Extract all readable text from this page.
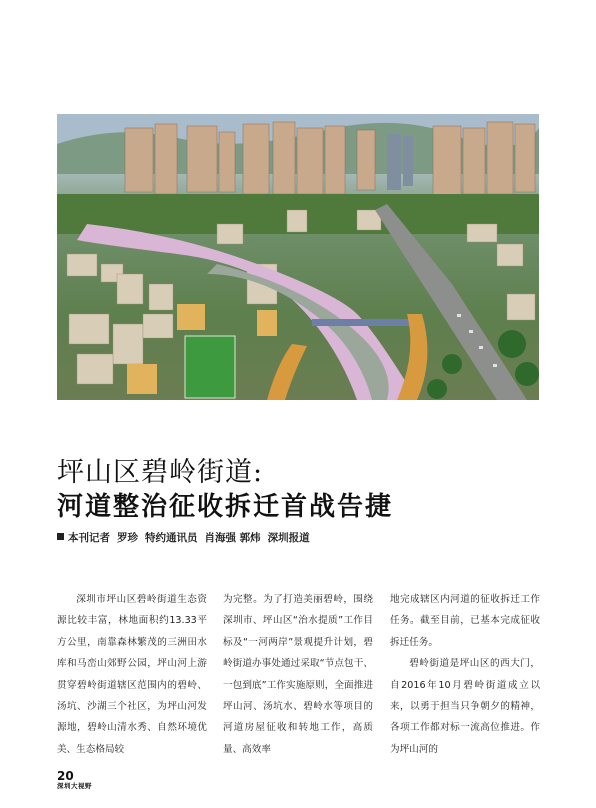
坪山区碧岭街道:
河道整治征收拆迁首战告捷
本刊记者 罗珍 特约通讯员 肖海强 郭炜 深圳报道

深圳市坪山区碧岭街道生态资源比较丰富，林地面积约13.33平方公里，南靠森林繁茂的三洲田水库和马峦山郊野公园，坪山河上游贯穿碧岭街道辖区范围内的碧岭、汤坑、沙湖三个社区，为坪山河发源地，碧岭山清水秀、自然环境优美、生态格局较

为完整。为了打造美丽碧岭，围绕深圳市、坪山区“治水提质”工作目标及“一河两岸”景观提升计划，碧岭街道办事处通过采取“节点包干、一包到底”工作实施原则，全面推进坪山河、汤坑水、碧岭水等项目的河道房屋征收和转地工作，高质量、高效率

地完成辖区内河道的征收拆迁工作任务。截至目前，已基本完成征收拆迁任务。

碧岭街道是坪山区的西大门，自2016年10月碧岭街道成立以来，以勇于担当只争朝夕的精神，各项工作都对标一流高位推进。作为坪山河的

20
深圳大视野
